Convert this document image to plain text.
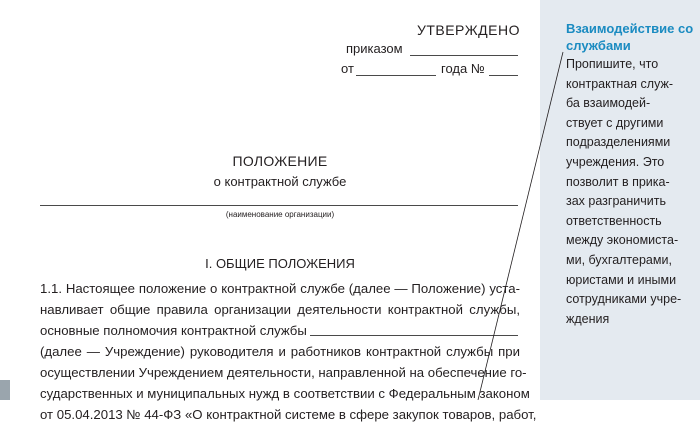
УТВЕРЖДЕНО
приказом
от	года №
ПОЛОЖЕНИЕ
о контрактной службе
(наименование организации)
I. ОБЩИЕ ПОЛОЖЕНИЯ
1.1. Настоящее положение о контрактной службе (далее — Положение) уста-
навливает общие правила организации деятельности контрактной службы,
основные полномочия контрактной службы
(далее — Учреждение) руководителя и работников контрактной службы при
осуществлении Учреждением деятельности, направленной на обеспечение го-
сударственных и муниципальных нужд в соответствии с Федеральным законом
от 05.04.2013 № 44-ФЗ «О контрактной системе в сфере закупок товаров, работ,
Взаимодействие со службами
Пропишите, что
контрактная служ-
ба взаимодей-
ствует с другими
подразделениями
учреждения. Это
позволит в прика-
зах разграничить
ответственность
между экономиста-
ми, бухгалтерами,
юристами и иными
сотрудниками учре-
ждения
